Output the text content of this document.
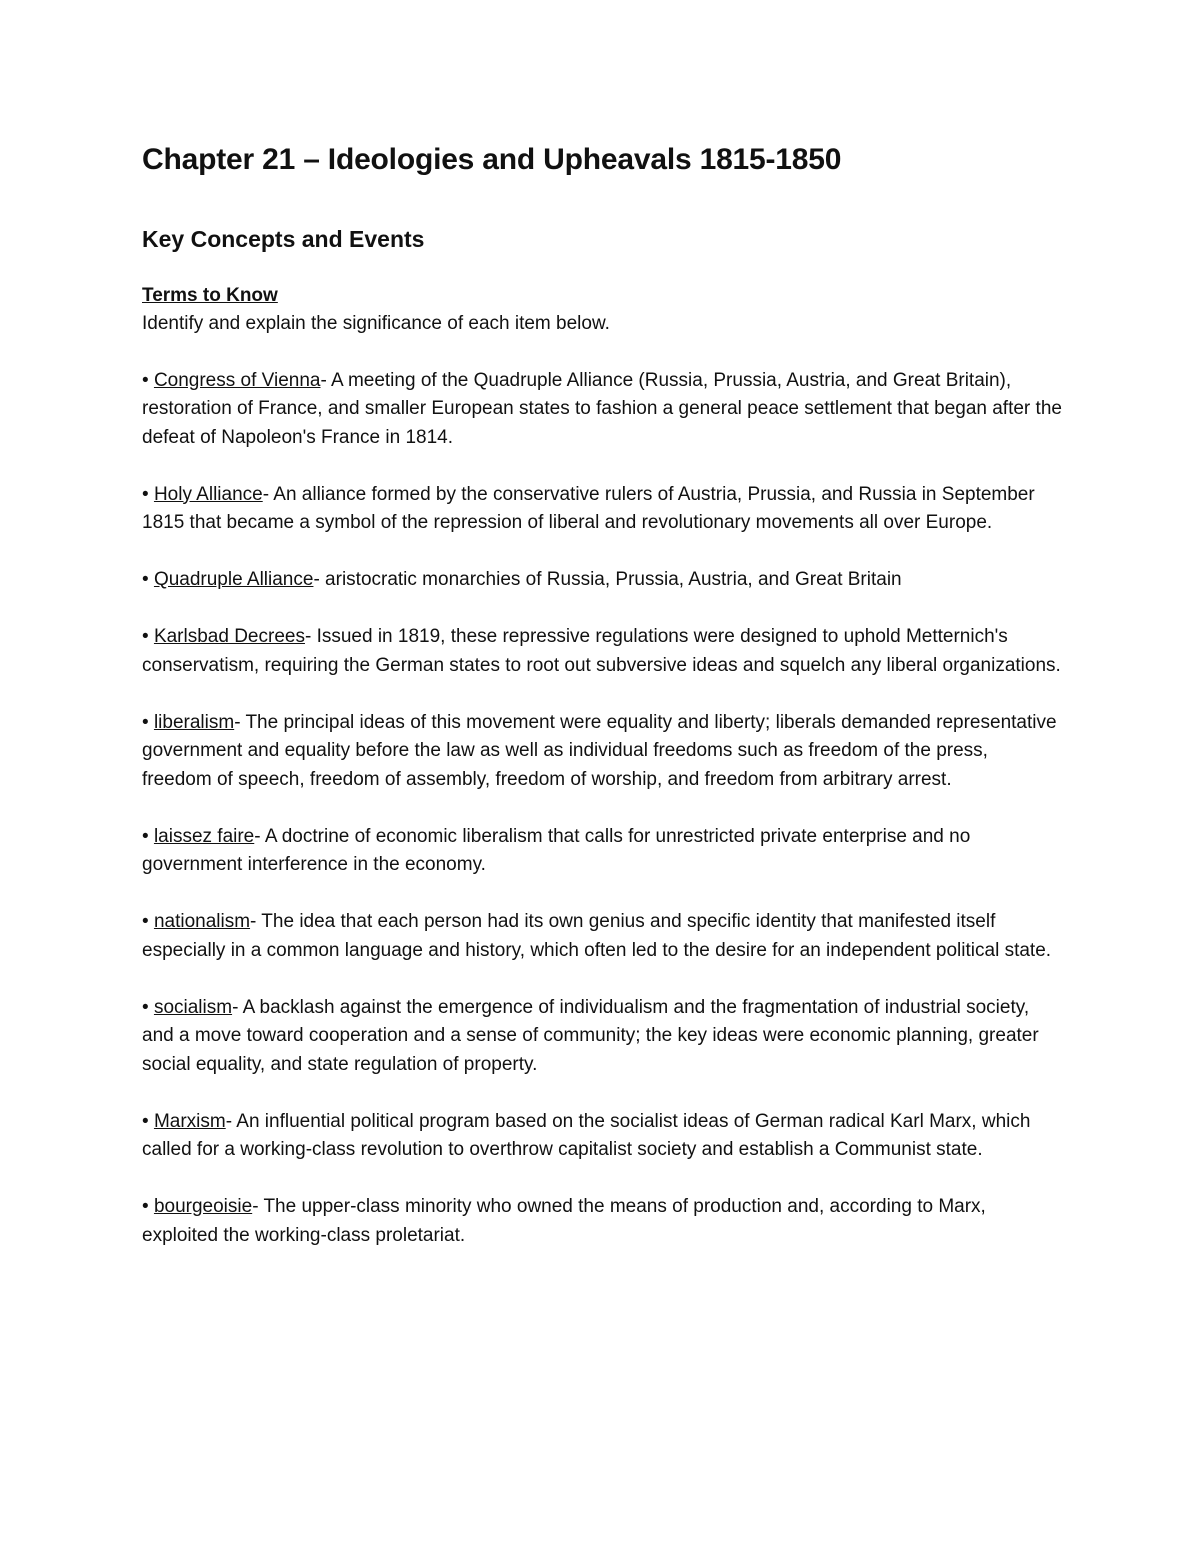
Chapter 21 – Ideologies and Upheavals 1815-1850
Key Concepts and Events
Terms to Know

Identify and explain the significance of each item below.

• Congress of Vienna- A meeting of the Quadruple Alliance (Russia, Prussia, Austria, and Great Britain), restoration of France, and smaller European states to fashion a general peace settlement that began after the defeat of Napoleon's France in 1814.
• Holy Alliance- An alliance formed by the conservative rulers of Austria, Prussia, and Russia in September 1815 that became a symbol of the repression of liberal and revolutionary movements all over Europe.
• Quadruple Alliance- aristocratic monarchies of Russia, Prussia, Austria, and Great Britain
• Karlsbad Decrees- Issued in 1819, these repressive regulations were designed to uphold Metternich's conservatism, requiring the German states to root out subversive ideas and squelch any liberal organizations.
• liberalism- The principal ideas of this movement were equality and liberty; liberals demanded representative government and equality before the law as well as individual freedoms such as freedom of the press, freedom of speech, freedom of assembly, freedom of worship, and freedom from arbitrary arrest.
• laissez faire- A doctrine of economic liberalism that calls for unrestricted private enterprise and no government interference in the economy.
• nationalism- The idea that each person had its own genius and specific identity that manifested itself especially in a common language and history, which often led to the desire for an independent political state.
• socialism- A backlash against the emergence of individualism and the fragmentation of industrial society, and a move toward cooperation and a sense of community; the key ideas were economic planning, greater social equality, and state regulation of property.
• Marxism- An influential political program based on the socialist ideas of German radical Karl Marx, which called for a working-class revolution to overthrow capitalist society and establish a Communist state.
• bourgeoisie- The upper-class minority who owned the means of production and, according to Marx, exploited the working-class proletariat.
